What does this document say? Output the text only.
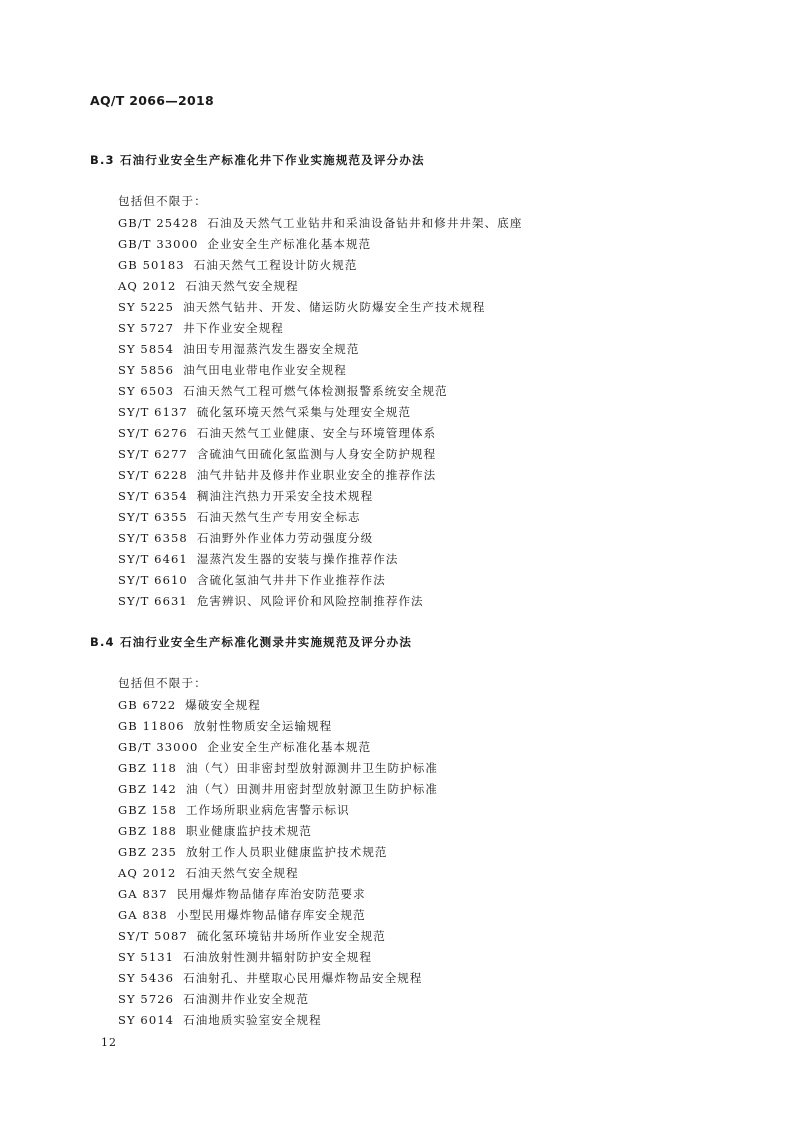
AQ/T 2066—2018
B.3 石油行业安全生产标准化井下作业实施规范及评分办法
包括但不限于：
GB/T 25428 石油及天然气工业钻井和采油设备钻井和修井井架、底座
GB/T 33000 企业安全生产标准化基本规范
GB 50183 石油天然气工程设计防火规范
AQ 2012 石油天然气安全规程
SY 5225 油天然气钻井、开发、储运防火防爆安全生产技术规程
SY 5727 井下作业安全规程
SY 5854 油田专用湿蒸汽发生器安全规范
SY 5856 油气田电业带电作业安全规程
SY 6503 石油天然气工程可燃气体检测报警系统安全规范
SY/T 6137 硫化氢环境天然气采集与处理安全规范
SY/T 6276 石油天然气工业健康、安全与环境管理体系
SY/T 6277 含硫油气田硫化氢监测与人身安全防护规程
SY/T 6228 油气井钻井及修井作业职业安全的推荐作法
SY/T 6354 稠油注汽热力开采安全技术规程
SY/T 6355 石油天然气生产专用安全标志
SY/T 6358 石油野外作业体力劳动强度分级
SY/T 6461 湿蒸汽发生器的安装与操作推荐作法
SY/T 6610 含硫化氢油气井井下作业推荐作法
SY/T 6631 危害辨识、风险评价和风险控制推荐作法
B.4 石油行业安全生产标准化测录井实施规范及评分办法
包括但不限于：
GB 6722 爆破安全规程
GB 11806 放射性物质安全运输规程
GB/T 33000 企业安全生产标准化基本规范
GBZ 118 油（气）田非密封型放射源测井卫生防护标准
GBZ 142 油（气）田测井用密封型放射源卫生防护标准
GBZ 158 工作场所职业病危害警示标识
GBZ 188 职业健康监护技术规范
GBZ 235 放射工作人员职业健康监护技术规范
AQ 2012 石油天然气安全规程
GA 837 民用爆炸物品储存库治安防范要求
GA 838 小型民用爆炸物品储存库安全规范
SY/T 5087 硫化氢环境钻井场所作业安全规范
SY 5131 石油放射性测井辐射防护安全规程
SY 5436 石油射孔、井壁取心民用爆炸物品安全规程
SY 5726 石油测井作业安全规范
SY 6014 石油地质实验室安全规程
12
